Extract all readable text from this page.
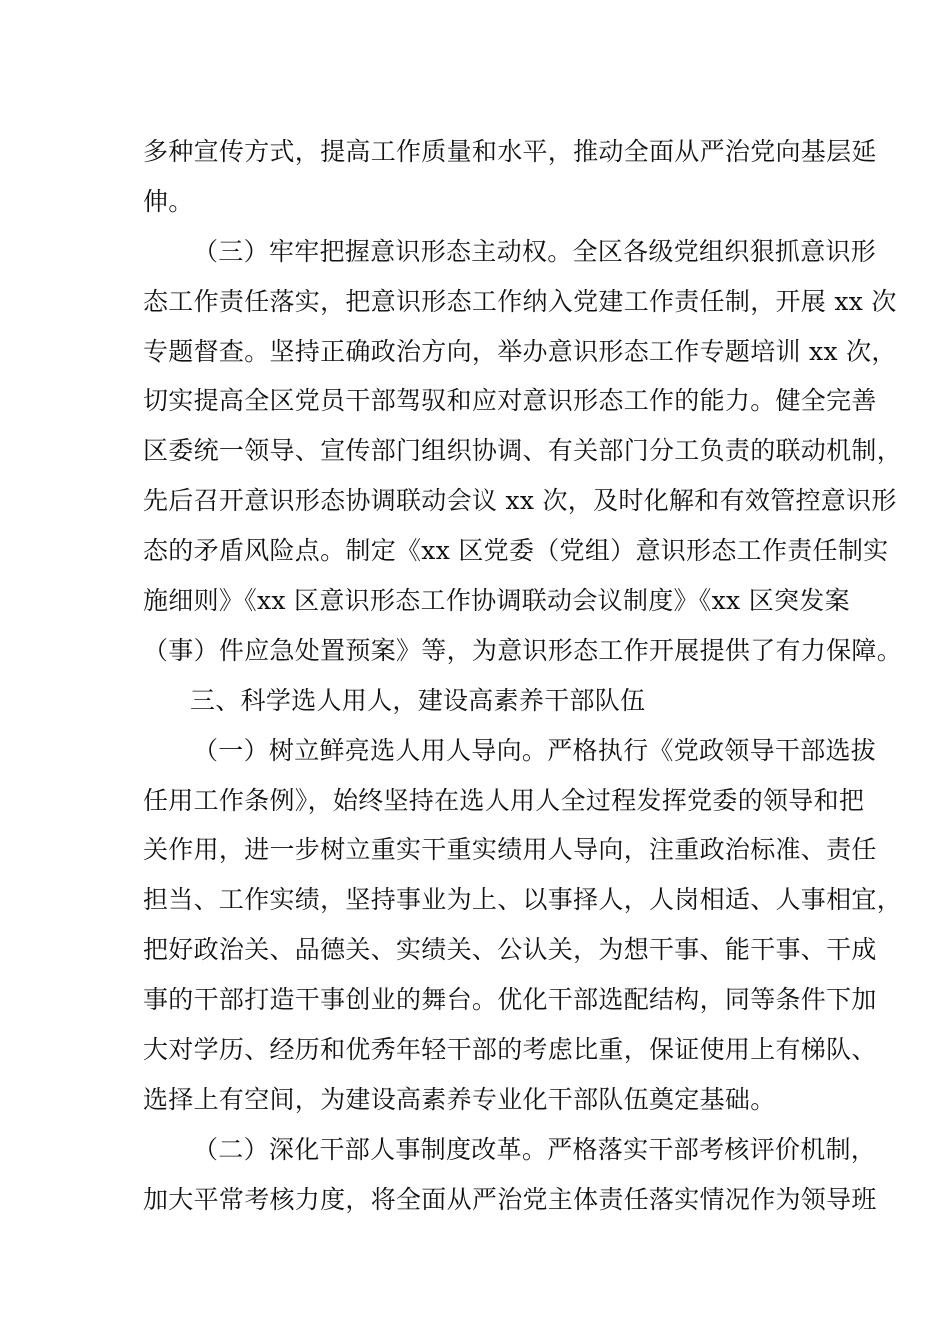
多种宣传方式，提高工作质量和水平，推动全面从严治党向基层延
伸。
（三）牢牢把握意识形态主动权。全区各级党组织狠抓意识形
态工作责任落实，把意识形态工作纳入党建工作责任制，开展 xx 次
专题督查。坚持正确政治方向，举办意识形态工作专题培训 xx 次，
切实提高全区党员干部驾驭和应对意识形态工作的能力。健全完善
区委统一领导、宣传部门组织协调、有关部门分工负责的联动机制，
先后召开意识形态协调联动会议 xx 次，及时化解和有效管控意识形
态的矛盾风险点。制定《xx 区党委（党组）意识形态工作责任制实
施细则》《xx 区意识形态工作协调联动会议制度》《xx 区突发案
（事）件应急处置预案》等，为意识形态工作开展提供了有力保障。
三、科学选人用人，建设高素养干部队伍
（一）树立鲜亮选人用人导向。严格执行《党政领导干部选拔
任用工作条例》，始终坚持在选人用人全过程发挥党委的领导和把
关作用，进一步树立重实干重实绩用人导向，注重政治标准、责任
担当、工作实绩，坚持事业为上、以事择人，人岗相适、人事相宜，
把好政治关、品德关、实绩关、公认关，为想干事、能干事、干成
事的干部打造干事创业的舞台。优化干部选配结构，同等条件下加
大对学历、经历和优秀年轻干部的考虑比重，保证使用上有梯队、
选择上有空间，为建设高素养专业化干部队伍奠定基础。
（二）深化干部人事制度改革。严格落实干部考核评价机制，
加大平常考核力度，将全面从严治党主体责任落实情况作为领导班
